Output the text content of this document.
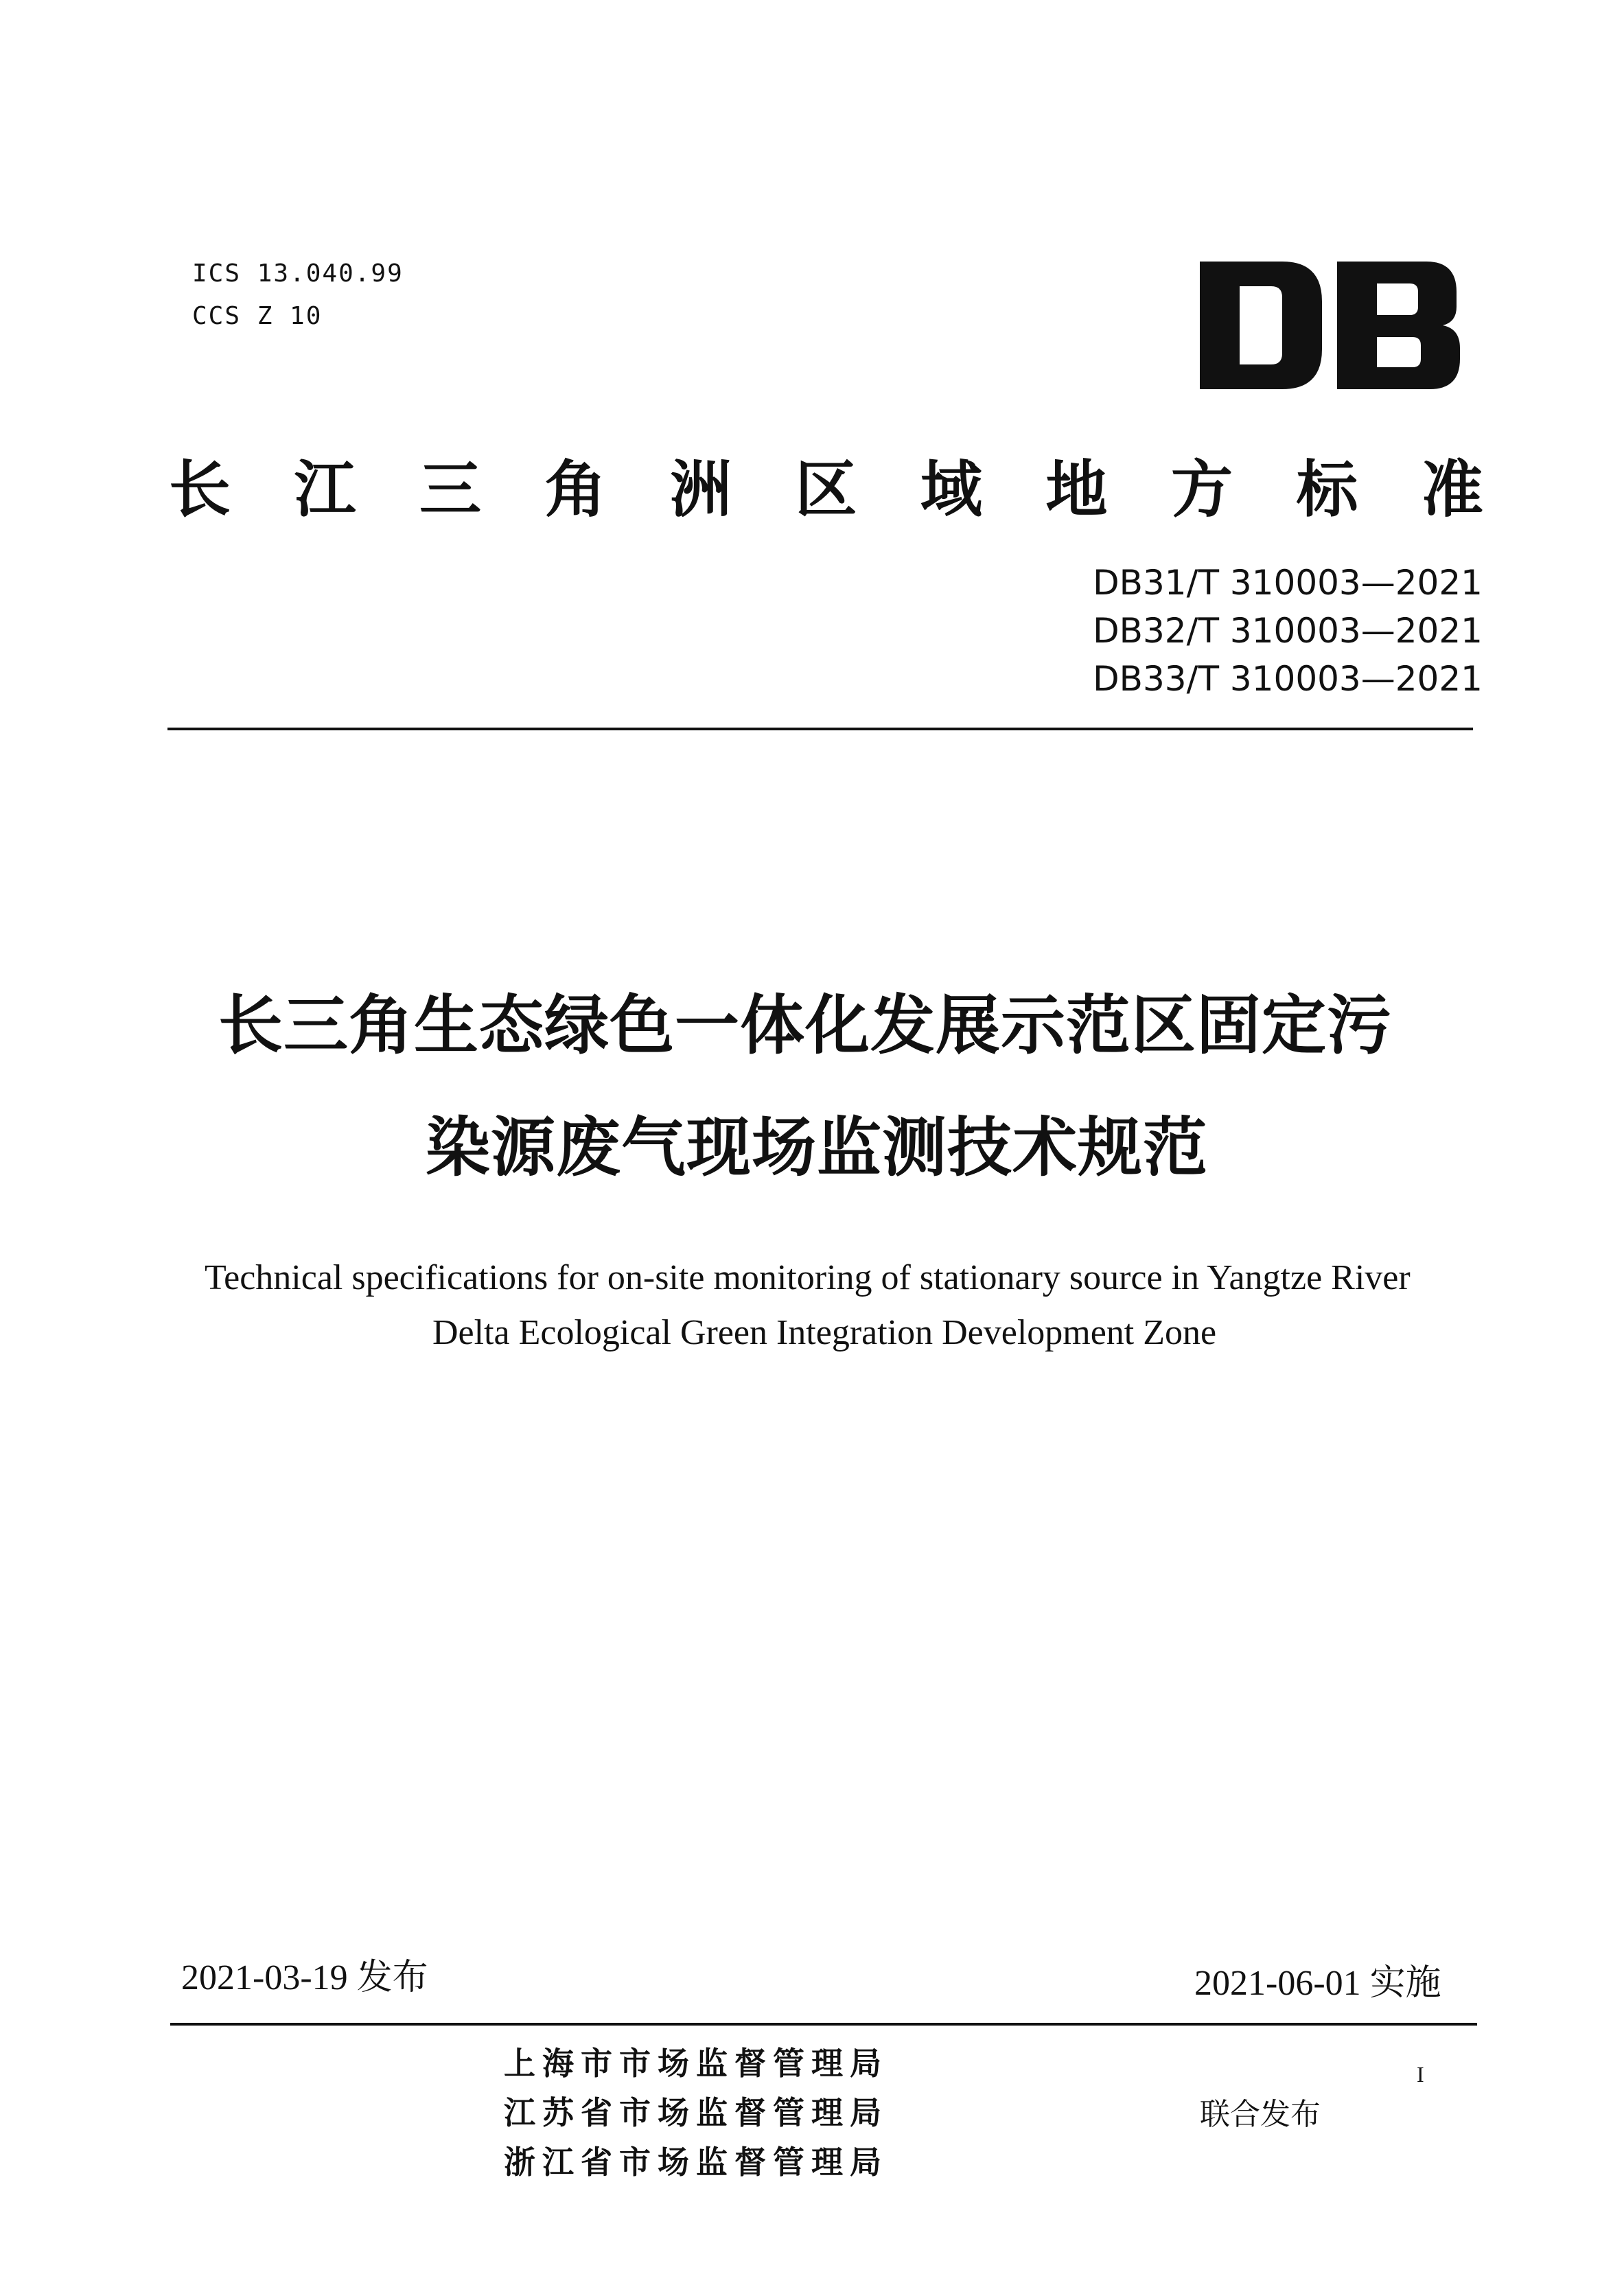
ICS 13.040.99
CCS Z 10
长 江 三 角 洲 区 域 地 方 标 准
DB31/T 310003—2021
DB32/T 310003—2021
DB33/T 310003—2021
长三角生态绿色一体化发展示范区固定污
染源废气现场监测技术规范
Technical specifications for on-site monitoring of stationary source in Yangtze River
Delta Ecological Green Integration Development Zone
2021-03-19 发布	2021-06-01 实施
上海市市场监督管理局
江苏省市场监督管理局
浙江省市场监督管理局
联合发布
I
